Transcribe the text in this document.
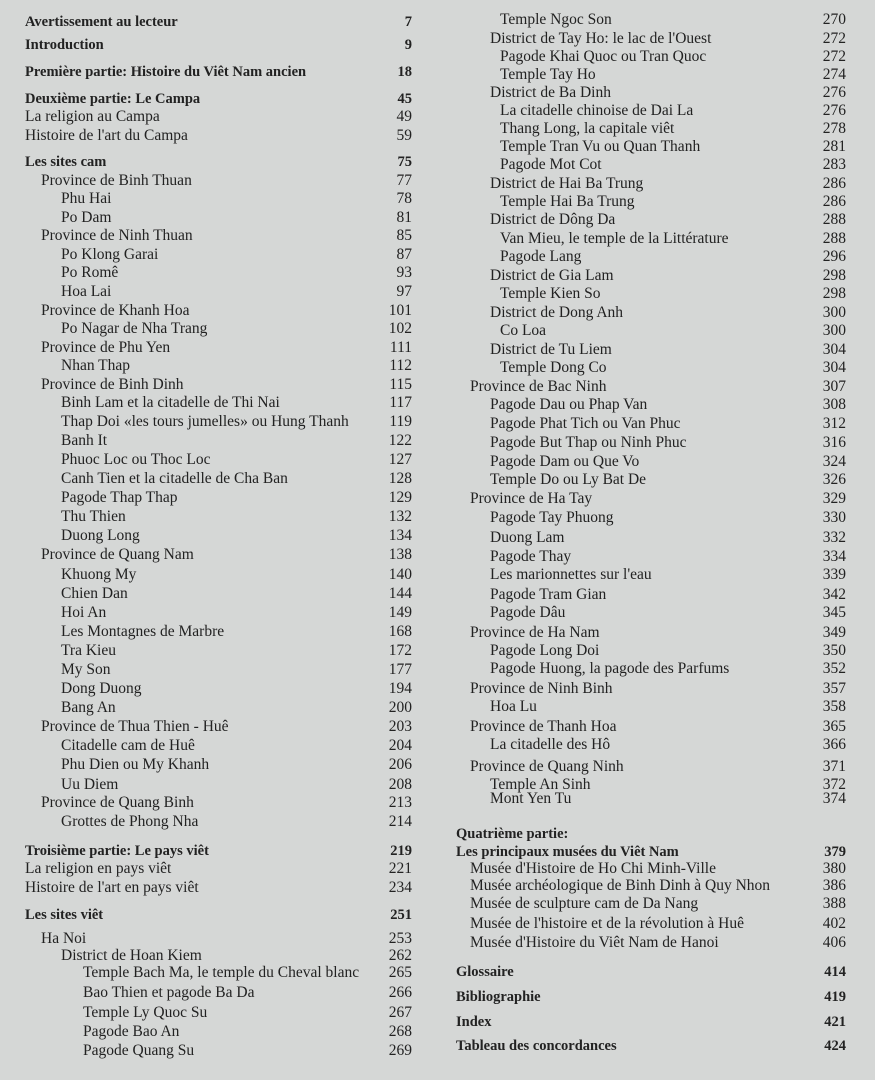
Avertissement au lecteur	7
Introduction	9
Première partie: Histoire du Viêt Nam ancien	18
Deuxième partie: Le Campa	45
La religion au Campa	49
Histoire de l'art du Campa	59
Les sites cam	75
Province de Binh Thuan	77
Phu Hai	78
Po Dam	81
Province de Ninh Thuan	85
Po Klong Garai	87
Po Romê	93
Hoa Lai	97
Province de Khanh Hoa	101
Po Nagar de Nha Trang	102
Province de Phu Yen	111
Nhan Thap	112
Province de Binh Dinh	115
Binh Lam et la citadelle de Thi Nai	117
Thap Doi «les tours jumelles» ou Hung Thanh	119
Banh It	122
Phuoc Loc ou Thoc Loc	127
Canh Tien et la citadelle de Cha Ban	128
Pagode Thap Thap	129
Thu Thien	132
Duong Long	134
Province de Quang Nam	138
Khuong My	140
Chien Dan	144
Hoi An	149
Les Montagnes de Marbre	168
Tra Kieu	172
My Son	177
Dong Duong	194
Bang An	200
Province de Thua Thien - Huê	203
Citadelle cam de Huê	204
Phu Dien ou My Khanh	206
Uu Diem	208
Province de Quang Binh	213
Grottes de Phong Nha	214
Troisième partie: Le pays viêt	219
La religion en pays viêt	221
Histoire de l'art en pays viêt	234
Les sites viêt	251
Ha Noi	253
District de Hoan Kiem	262
Temple Bach Ma, le temple du Cheval blanc	265
Bao Thien et pagode Ba Da	266
Temple Ly Quoc Su	267
Pagode Bao An	268
Pagode Quang Su	269
Temple Ngoc Son	270
District de Tay Ho: le lac de l'Ouest	272
Pagode Khai Quoc ou Tran Quoc	272
Temple Tay Ho	274
District de Ba Dinh	276
La citadelle chinoise de Dai La	276
Thang Long, la capitale viêt	278
Temple Tran Vu ou Quan Thanh	281
Pagode Mot Cot	283
District de Hai Ba Trung	286
Temple Hai Ba Trung	286
District de Dông Da	288
Van Mieu, le temple de la Littérature	288
Pagode Lang	296
District de Gia Lam	298
Temple Kien So	298
District de Dong Anh	300
Co Loa	300
District de Tu Liem	304
Temple Dong Co	304
Province de Bac Ninh	307
Pagode Dau ou Phap Van	308
Pagode Phat Tich ou Van Phuc	312
Pagode But Thap ou Ninh Phuc	316
Pagode Dam ou Que Vo	324
Temple Do ou Ly Bat De	326
Province de Ha Tay	329
Pagode Tay Phuong	330
Duong Lam	332
Pagode Thay	334
Les marionnettes sur l'eau	339
Pagode Tram Gian	342
Pagode Dâu	345
Province de Ha Nam	349
Pagode Long Doi	350
Pagode Huong, la pagode des Parfums	352
Province de Ninh Binh	357
Hoa Lu	358
Province de Thanh Hoa	365
La citadelle des Hô	366
Province de Quang Ninh	371
Temple An Sinh	372
Mont Yen Tu	374
Quatrième partie:
Les principaux musées du Viêt Nam	379
Musée d'Histoire de Ho Chi Minh-Ville	380
Musée archéologique de Binh Dinh à Quy Nhon	386
Musée de sculpture cam de Da Nang	388
Musée de l'histoire et de la révolution à Huê	402
Musée d'Histoire du Viêt Nam de Hanoi	406
Glossaire	414
Bibliographie	419
Index	421
Tableau des concordances	424
